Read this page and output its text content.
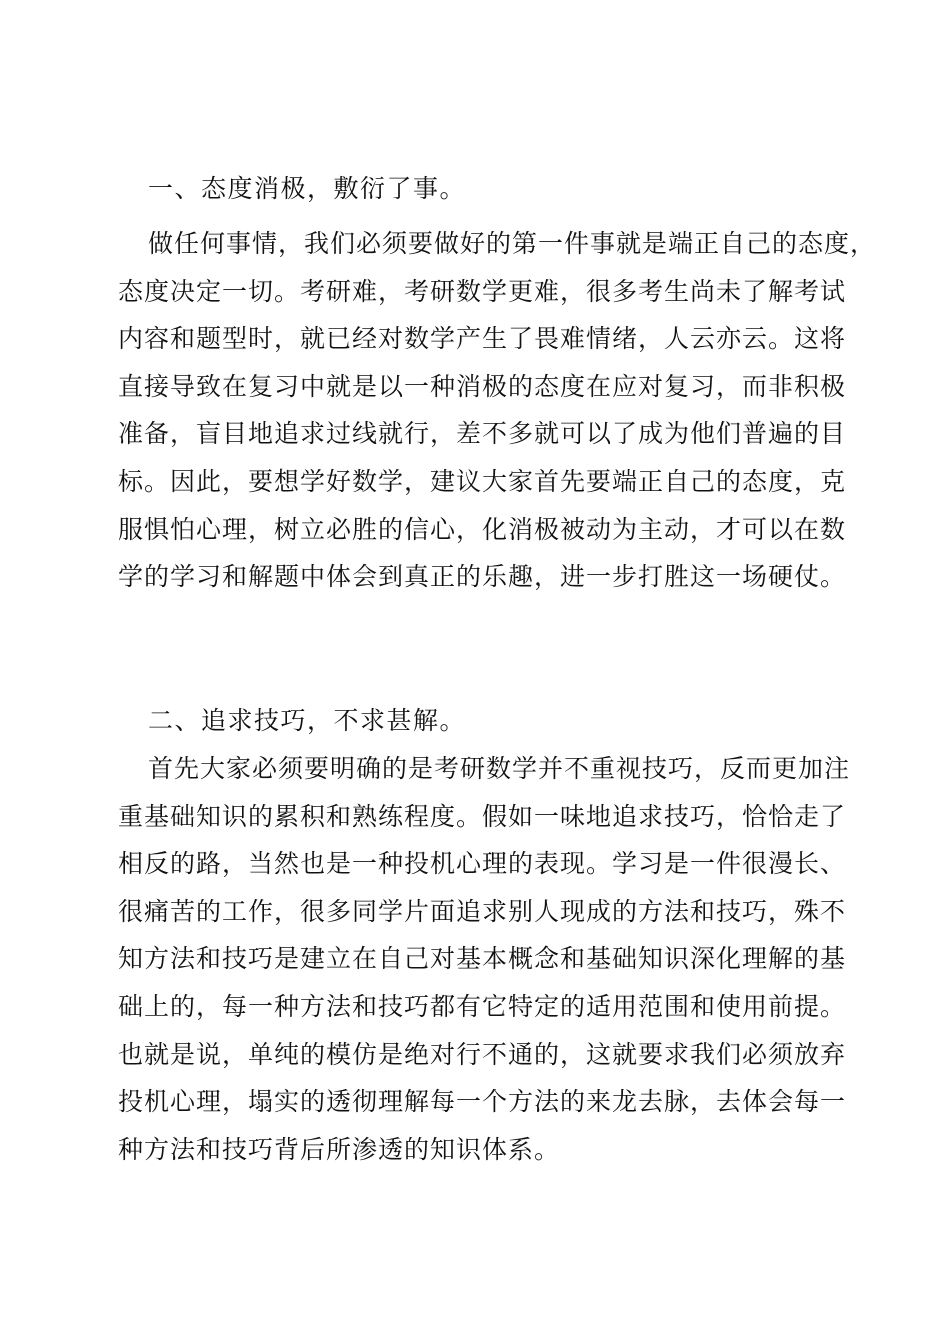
一、态度消极，敷衍了事。
做任何事情，我们必须要做好的第一件事就是端正自己的态度，
态度决定一切。考研难，考研数学更难，很多考生尚未了解考试
内容和题型时，就已经对数学产生了畏难情绪，人云亦云。这将
直接导致在复习中就是以一种消极的态度在应对复习，而非积极
准备，盲目地追求过线就行，差不多就可以了成为他们普遍的目
标。因此，要想学好数学，建议大家首先要端正自己的态度，克
服惧怕心理，树立必胜的信心，化消极被动为主动，才可以在数
学的学习和解题中体会到真正的乐趣，进一步打胜这一场硬仗。
二、追求技巧，不求甚解。
首先大家必须要明确的是考研数学并不重视技巧，反而更加注
重基础知识的累积和熟练程度。假如一味地追求技巧，恰恰走了
相反的路，当然也是一种投机心理的表现。学习是一件很漫长、
很痛苦的工作，很多同学片面追求别人现成的方法和技巧，殊不
知方法和技巧是建立在自己对基本概念和基础知识深化理解的基
础上的，每一种方法和技巧都有它特定的适用范围和使用前提。
也就是说，单纯的模仿是绝对行不通的，这就要求我们必须放弃
投机心理，塌实的透彻理解每一个方法的来龙去脉，去体会每一
种方法和技巧背后所渗透的知识体系。
